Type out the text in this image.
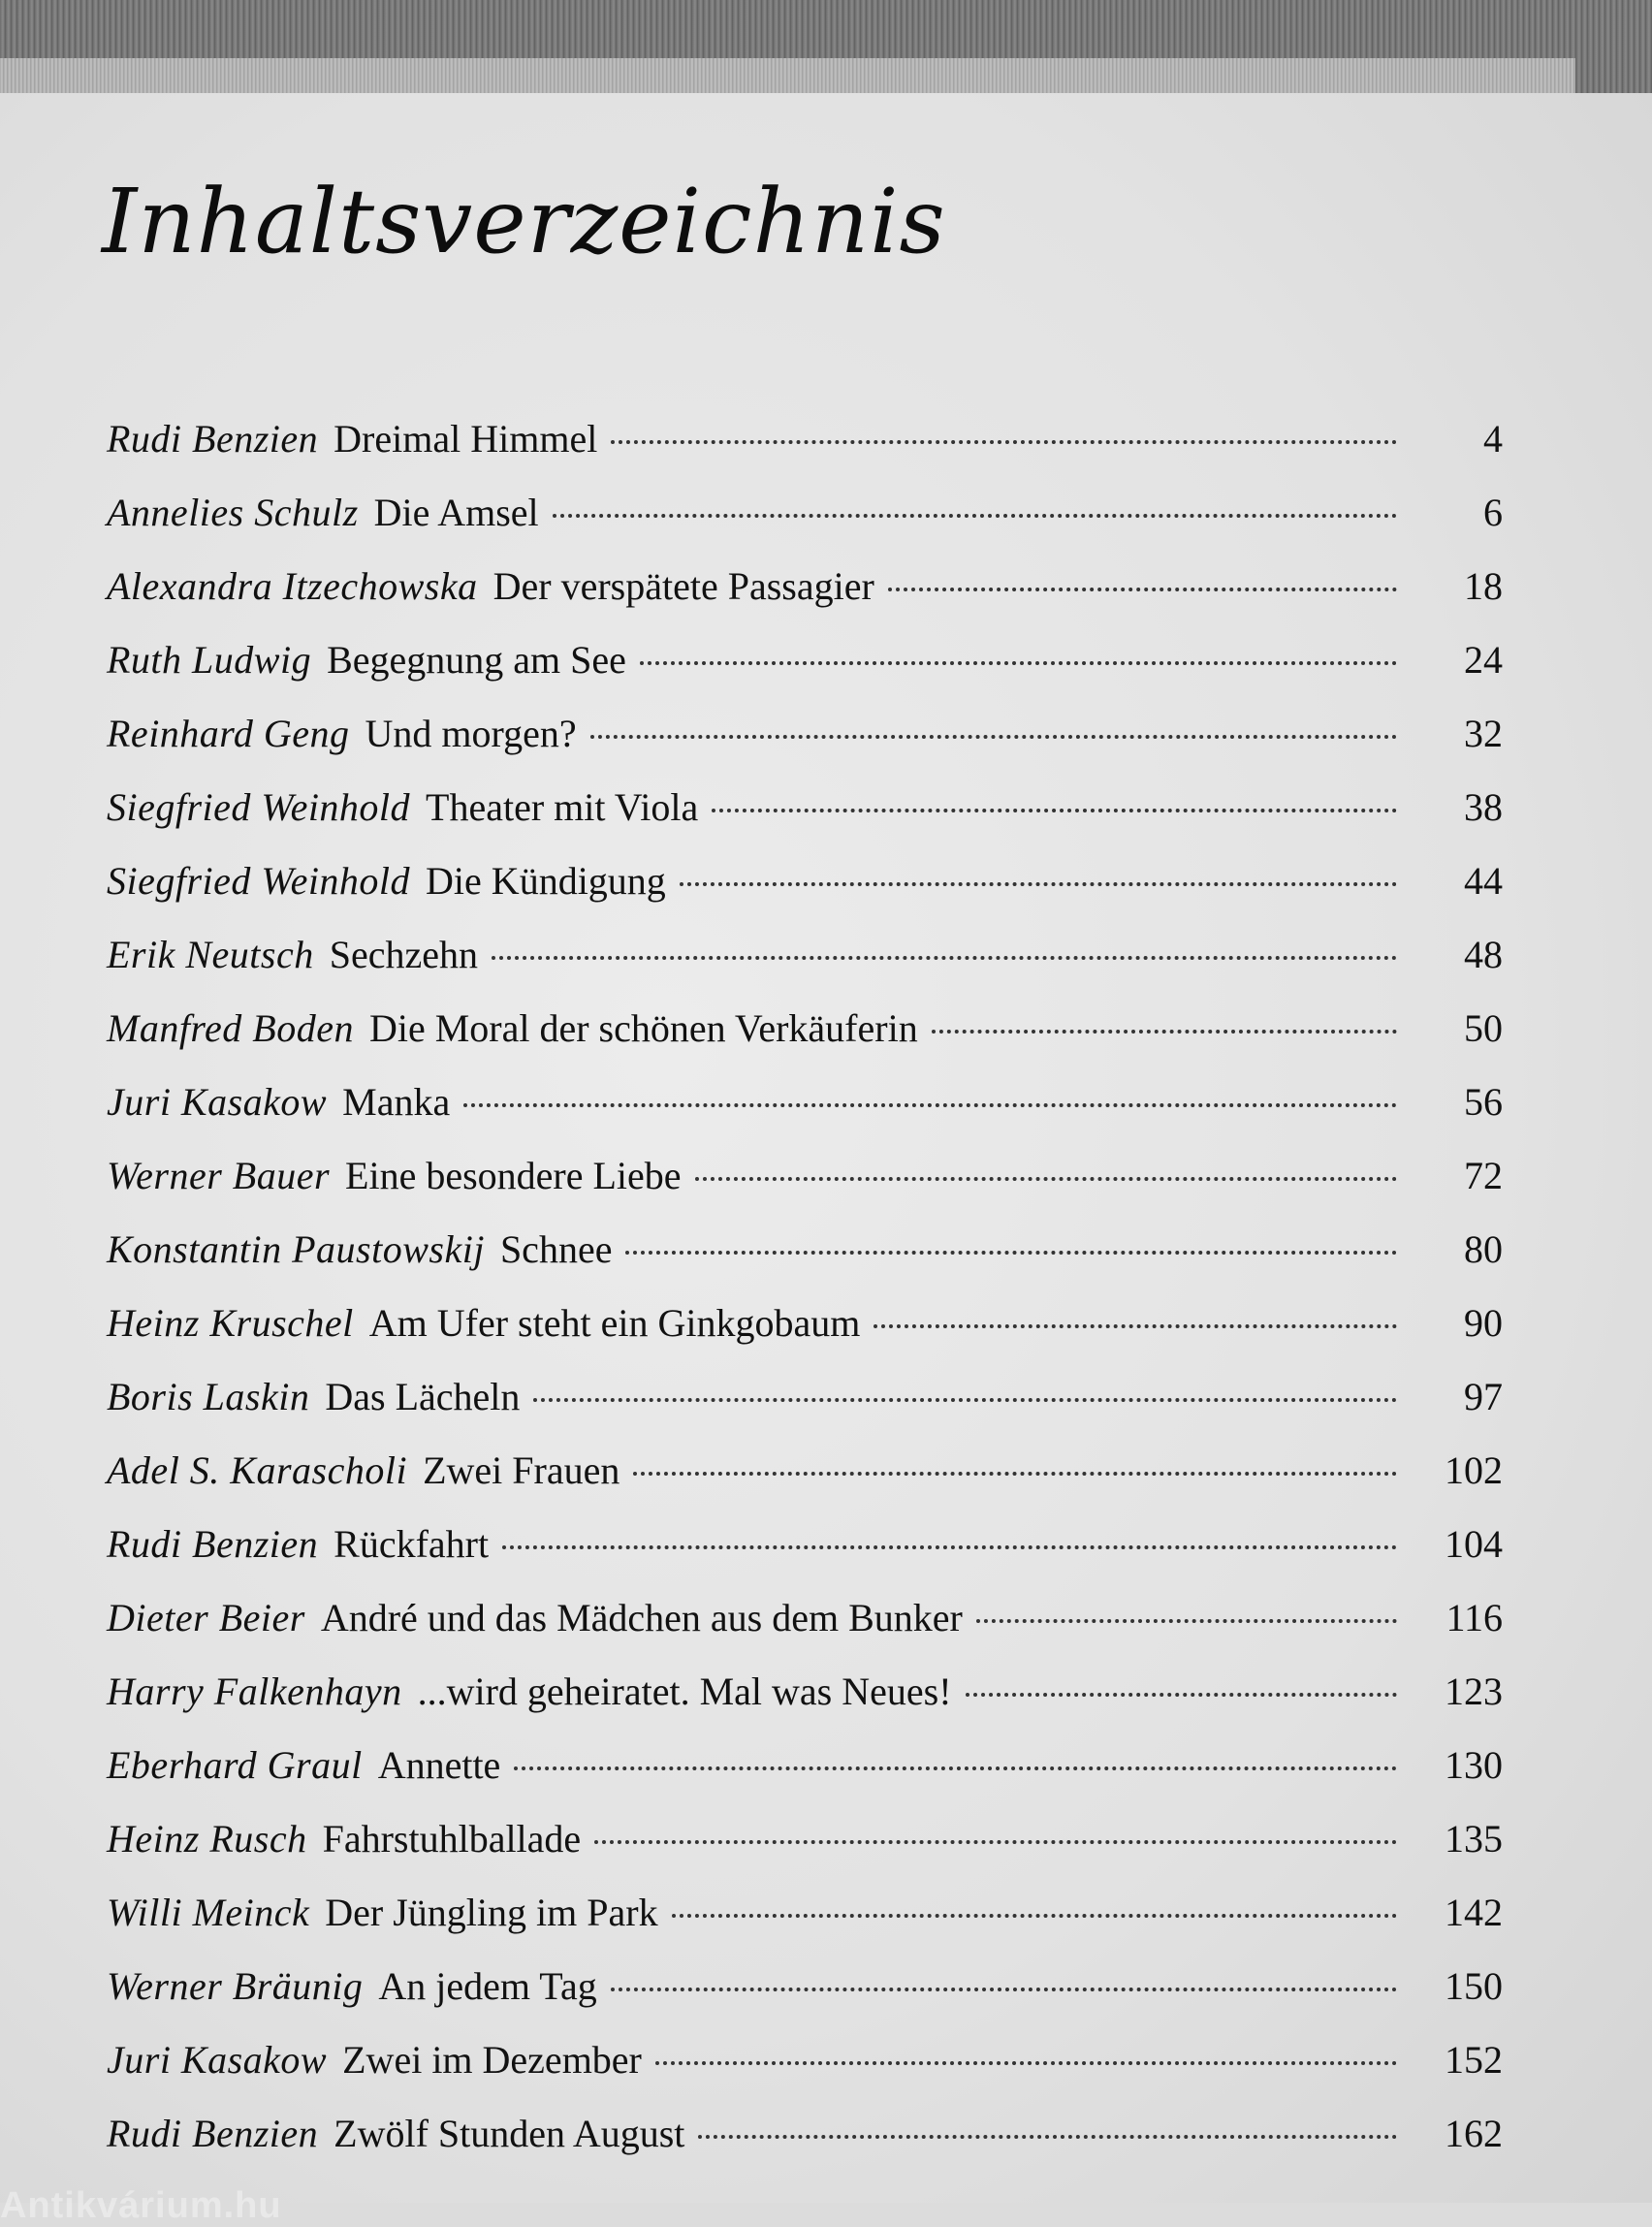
Inhaltsverzeichnis
Rudi Benzien Dreimal Himmel	4
Annelies Schulz Die Amsel	6
Alexandra Itzechowska Der verspätete Passagier	18
Ruth Ludwig Begegnung am See	24
Reinhard Geng Und morgen?	32
Siegfried Weinhold Theater mit Viola	38
Siegfried Weinhold Die Kündigung	44
Erik Neutsch Sechzehn	48
Manfred Boden Die Moral der schönen Verkäuferin	50
Juri Kasakow Manka	56
Werner Bauer Eine besondere Liebe	72
Konstantin Paustowskij Schnee	80
Heinz Kruschel Am Ufer steht ein Ginkgobaum	90
Boris Laskin Das Lächeln	97
Adel S. Karascholi Zwei Frauen	102
Rudi Benzien Rückfahrt	104
Dieter Beier André und das Mädchen aus dem Bunker	116
Harry Falkenhayn ...wird geheiratet. Mal was Neues!	123
Eberhard Graul Annette	130
Heinz Rusch Fahrstuhlballade	135
Willi Meinck Der Jüngling im Park	142
Werner Bräunig An jedem Tag	150
Juri Kasakow Zwei im Dezember	152
Rudi Benzien Zwölf Stunden August	162
Antikvárium.hu
